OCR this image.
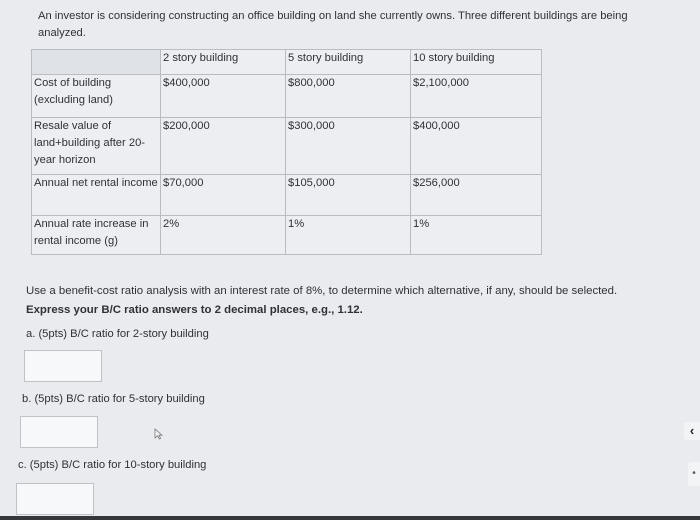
An investor is considering constructing an office building on land she currently owns. Three different buildings are being analyzed.
	2 story building	5 story building	10 story building
Cost of building (excluding land)	$400,000	$800,000	$2,100,000
Resale value of land+building after 20-year horizon	$200,000	$300,000	$400,000
Annual net rental income	$70,000	$105,000	$256,000
Annual rate increase in rental income (g)	2%	1%	1%
Use a benefit-cost ratio analysis with an interest rate of 8%, to determine which alternative, if any, should be selected. Express your B/C ratio answers to 2 decimal places, e.g., 1.12.
a. (5pts) B/C ratio for 2-story building
b. (5pts) B/C ratio for 5-story building
c. (5pts) B/C ratio for 10-story building
‹
•
